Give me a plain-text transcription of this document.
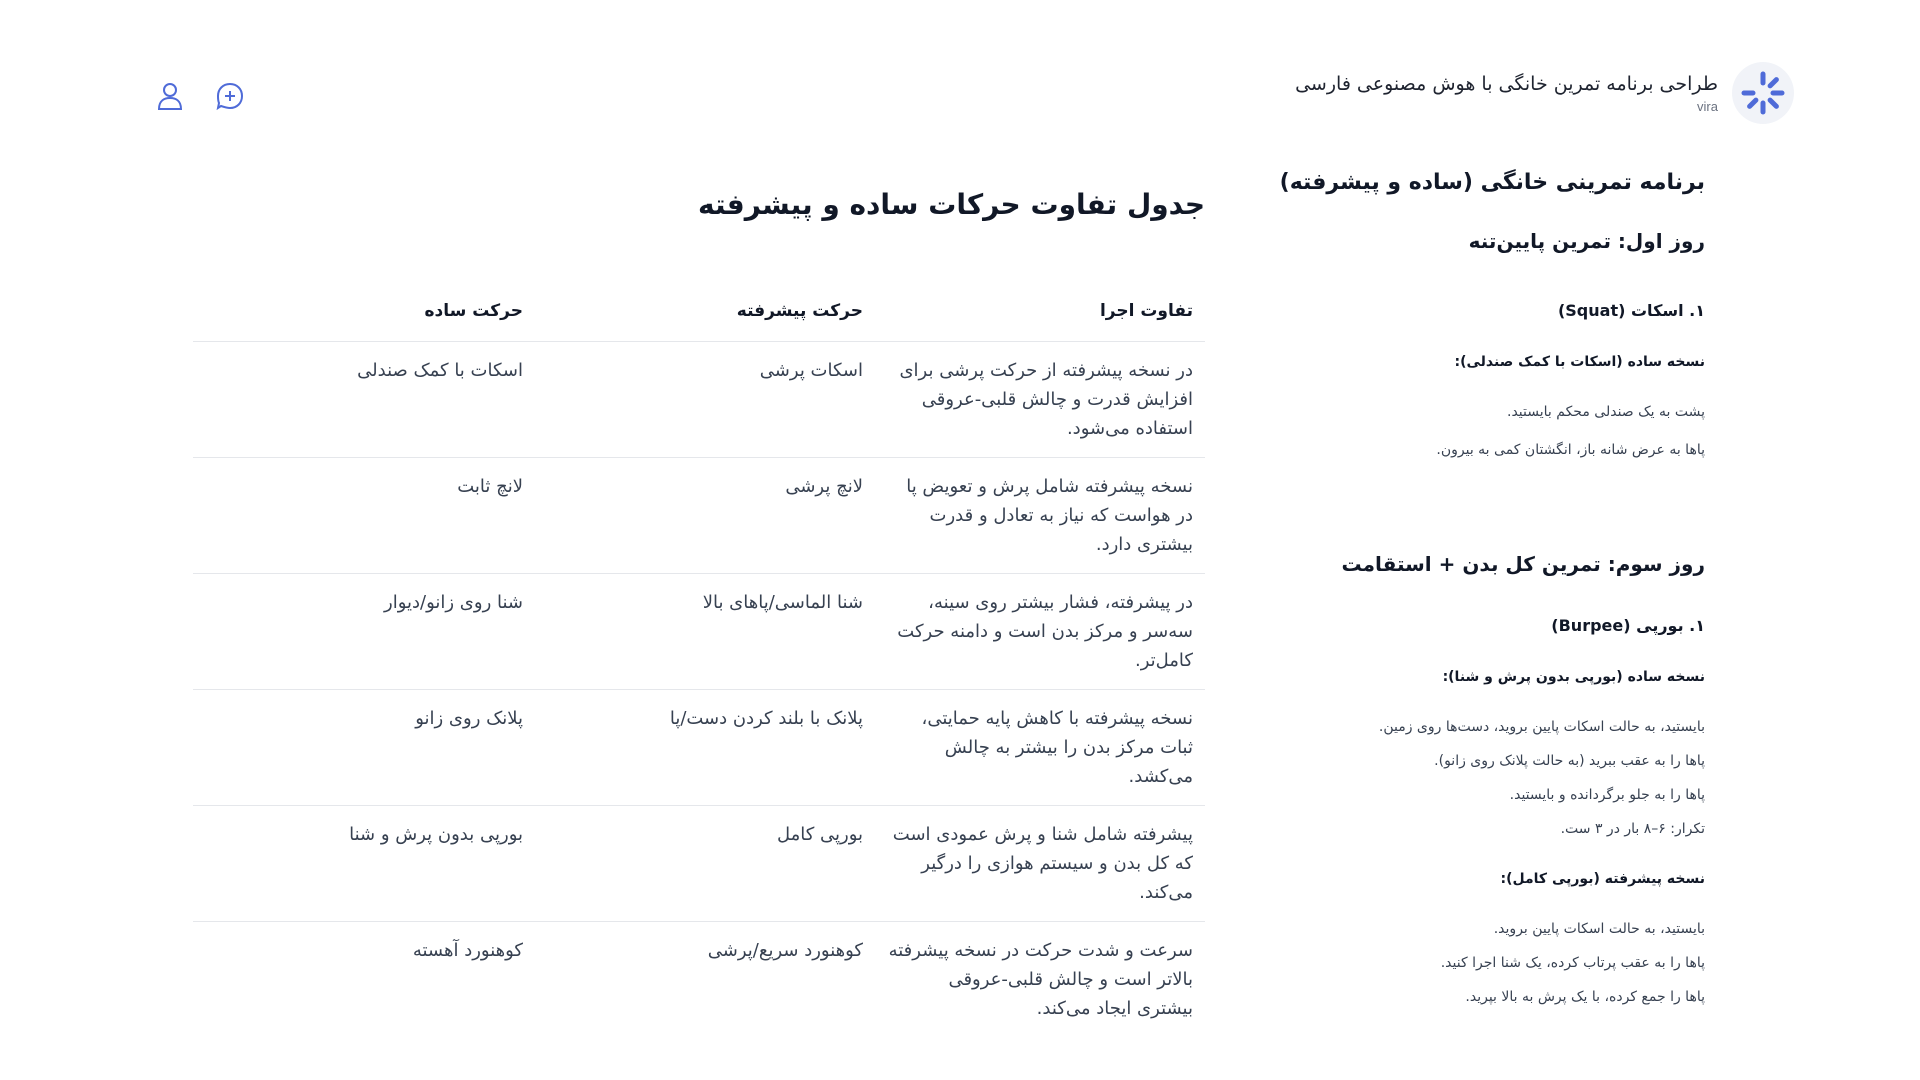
طراحی برنامه تمرین خانگی با هوش مصنوعی فارسی
vira
برنامه تمرینی خانگی (ساده و پیشرفته)
روز اول: تمرین پایین‌تنه
۱. اسکات (Squat)
نسخه ساده (اسکات با کمک صندلی):
پشت به یک صندلی محکم بایستید.
پاها به عرض شانه باز، انگشتان کمی به بیرون.
روز سوم: تمرین کل بدن + استقامت
۱. بورپی (Burpee)
نسخه ساده (بورپی بدون پرش و شنا):
بایستید، به حالت اسکات پایین بروید، دست‌ها روی زمین.
پاها را به عقب ببرید (به حالت پلانک روی زانو).
پاها را به جلو برگردانده و بایستید.
تکرار: ۶–۸ بار در ۳ ست.
نسخه پیشرفته (بورپی کامل):
بایستید، به حالت اسکات پایین بروید.
پاها را به عقب پرتاب کرده، یک شنا اجرا کنید.
پاها را جمع کرده، با یک پرش به بالا بپرید.
جدول تفاوت حرکات ساده و پیشرفته
تفاوت اجرا	حرکت پیشرفته	حرکت ساده
در نسخه پیشرفته از حرکت پرشی برای افزایش قدرت و چالش قلبی-عروقی استفاده می‌شود.	اسکات پرشی	اسکات با کمک صندلی
نسخه پیشرفته شامل پرش و تعویض پا در هواست که نیاز به تعادل و قدرت بیشتری دارد.	لانچ پرشی	لانچ ثابت
در پیشرفته، فشار بیشتر روی سینه، سه‌سر و مرکز بدن است و دامنه حرکت کامل‌تر.	شنا الماسی/پاهای بالا	شنا روی زانو/دیوار
نسخه پیشرفته با کاهش پایه حمایتی، ثبات مرکز بدن را بیشتر به چالش می‌کشد.	پلانک با بلند کردن دست/پا	پلانک روی زانو
پیشرفته شامل شنا و پرش عمودی است که کل بدن و سیستم هوازی را درگیر می‌کند.	بورپی کامل	بورپی بدون پرش و شنا
سرعت و شدت حرکت در نسخه پیشرفته بالاتر است و چالش قلبی-عروقی بیشتری ایجاد می‌کند.	کوهنورد سریع/پرشی	کوهنورد آهسته
